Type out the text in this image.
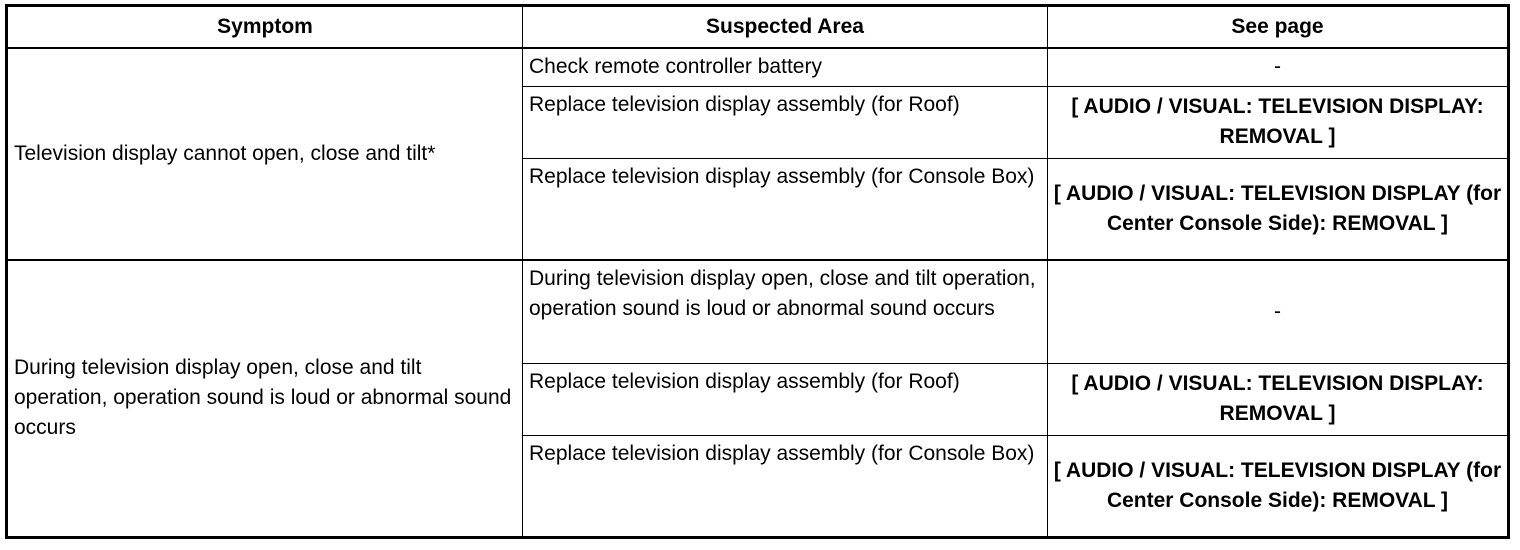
Symptom	Suspected Area	See page
Television display cannot open, close and tilt*	Check remote controller battery	-
	Replace television display assembly (for Roof)	[ AUDIO / VISUAL: TELEVISION DISPLAY: REMOVAL ]
	Replace television display assembly (for Console Box)	[ AUDIO / VISUAL: TELEVISION DISPLAY (for Center Console Side): REMOVAL ]
During television display open, close and tilt operation, operation sound is loud or abnormal sound occurs	During television display open, close and tilt operation, operation sound is loud or abnormal sound occurs	-
	Replace television display assembly (for Roof)	[ AUDIO / VISUAL: TELEVISION DISPLAY: REMOVAL ]
	Replace television display assembly (for Console Box)	[ AUDIO / VISUAL: TELEVISION DISPLAY (for Center Console Side): REMOVAL ]
